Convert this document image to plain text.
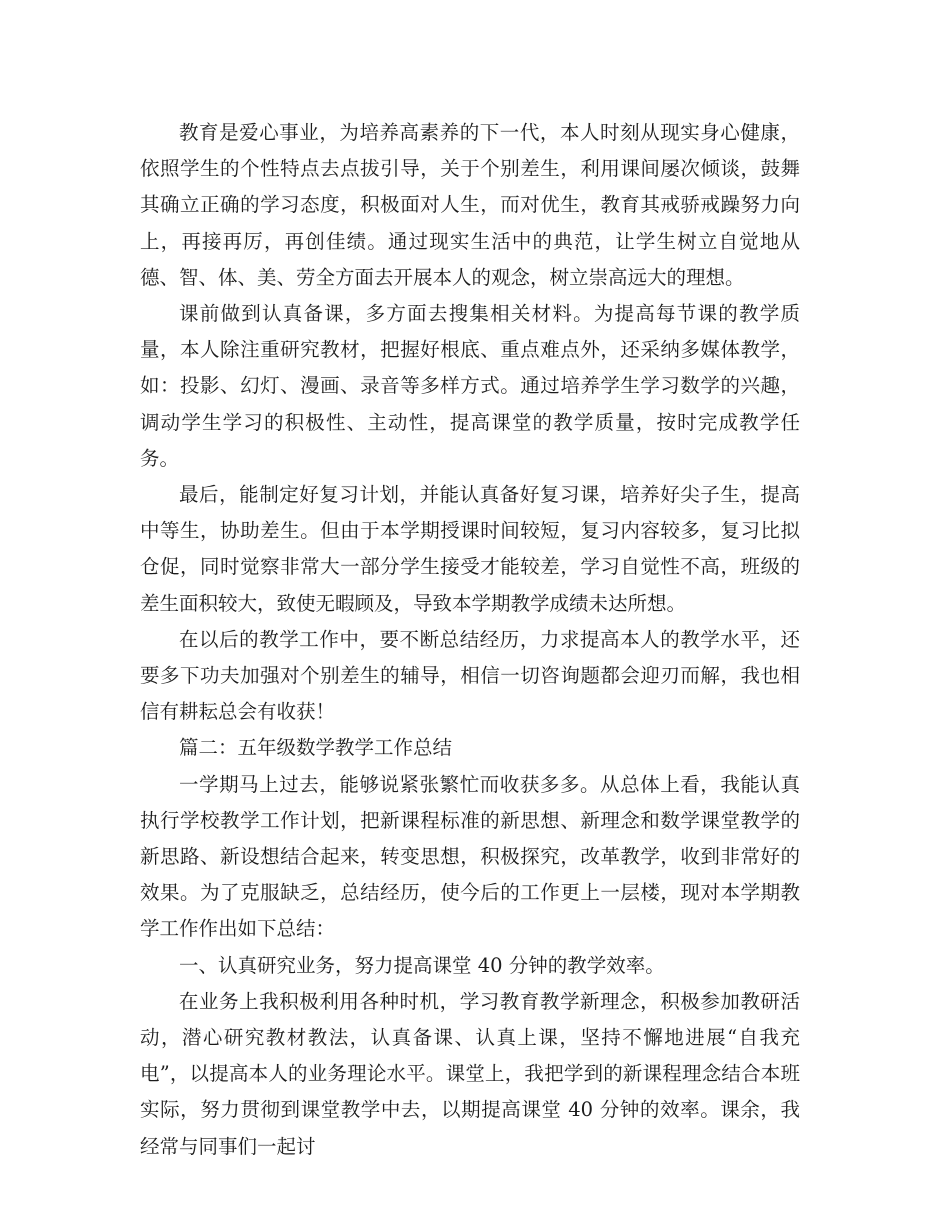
教育是爱心事业，为培养高素养的下一代，本人时刻从现实身心健康，依照学生的个性特点去点拔引导，关于个别差生，利用课间屡次倾谈，鼓舞其确立正确的学习态度，积极面对人生，而对优生，教育其戒骄戒躁努力向上，再接再厉，再创佳绩。通过现实生活中的典范，让学生树立自觉地从德、智、体、美、劳全方面去开展本人的观念，树立崇高远大的理想。

课前做到认真备课，多方面去搜集相关材料。为提高每节课的教学质量，本人除注重研究教材，把握好根底、重点难点外，还采纳多媒体教学，如：投影、幻灯、漫画、录音等多样方式。通过培养学生学习数学的兴趣，调动学生学习的积极性、主动性，提高课堂的教学质量，按时完成教学任务。

最后，能制定好复习计划，并能认真备好复习课，培养好尖子生，提高中等生，协助差生。但由于本学期授课时间较短，复习内容较多，复习比拟仓促，同时觉察非常大一部分学生接受才能较差，学习自觉性不高，班级的差生面积较大，致使无暇顾及，导致本学期教学成绩未达所想。

在以后的教学工作中，要不断总结经历，力求提高本人的教学水平，还要多下功夫加强对个别差生的辅导，相信一切咨询题都会迎刃而解，我也相信有耕耘总会有收获！

篇二：五年级数学教学工作总结

一学期马上过去，能够说紧张繁忙而收获多多。从总体上看，我能认真执行学校教学工作计划，把新课程标准的新思想、新理念和数学课堂教学的新思路、新设想结合起来，转变思想，积极探究，改革教学，收到非常好的效果。为了克服缺乏，总结经历，使今后的工作更上一层楼，现对本学期教学工作作出如下总结：

一、认真研究业务，努力提高课堂 40 分钟的教学效率。

在业务上我积极利用各种时机，学习教育教学新理念，积极参加教研活动，潜心研究教材教法，认真备课、认真上课，坚持不懈地进展“自我充电”，以提高本人的业务理论水平。课堂上，我把学到的新课程理念结合本班实际，努力贯彻到课堂教学中去，以期提高课堂 40 分钟的效率。课余，我经常与同事们一起讨
